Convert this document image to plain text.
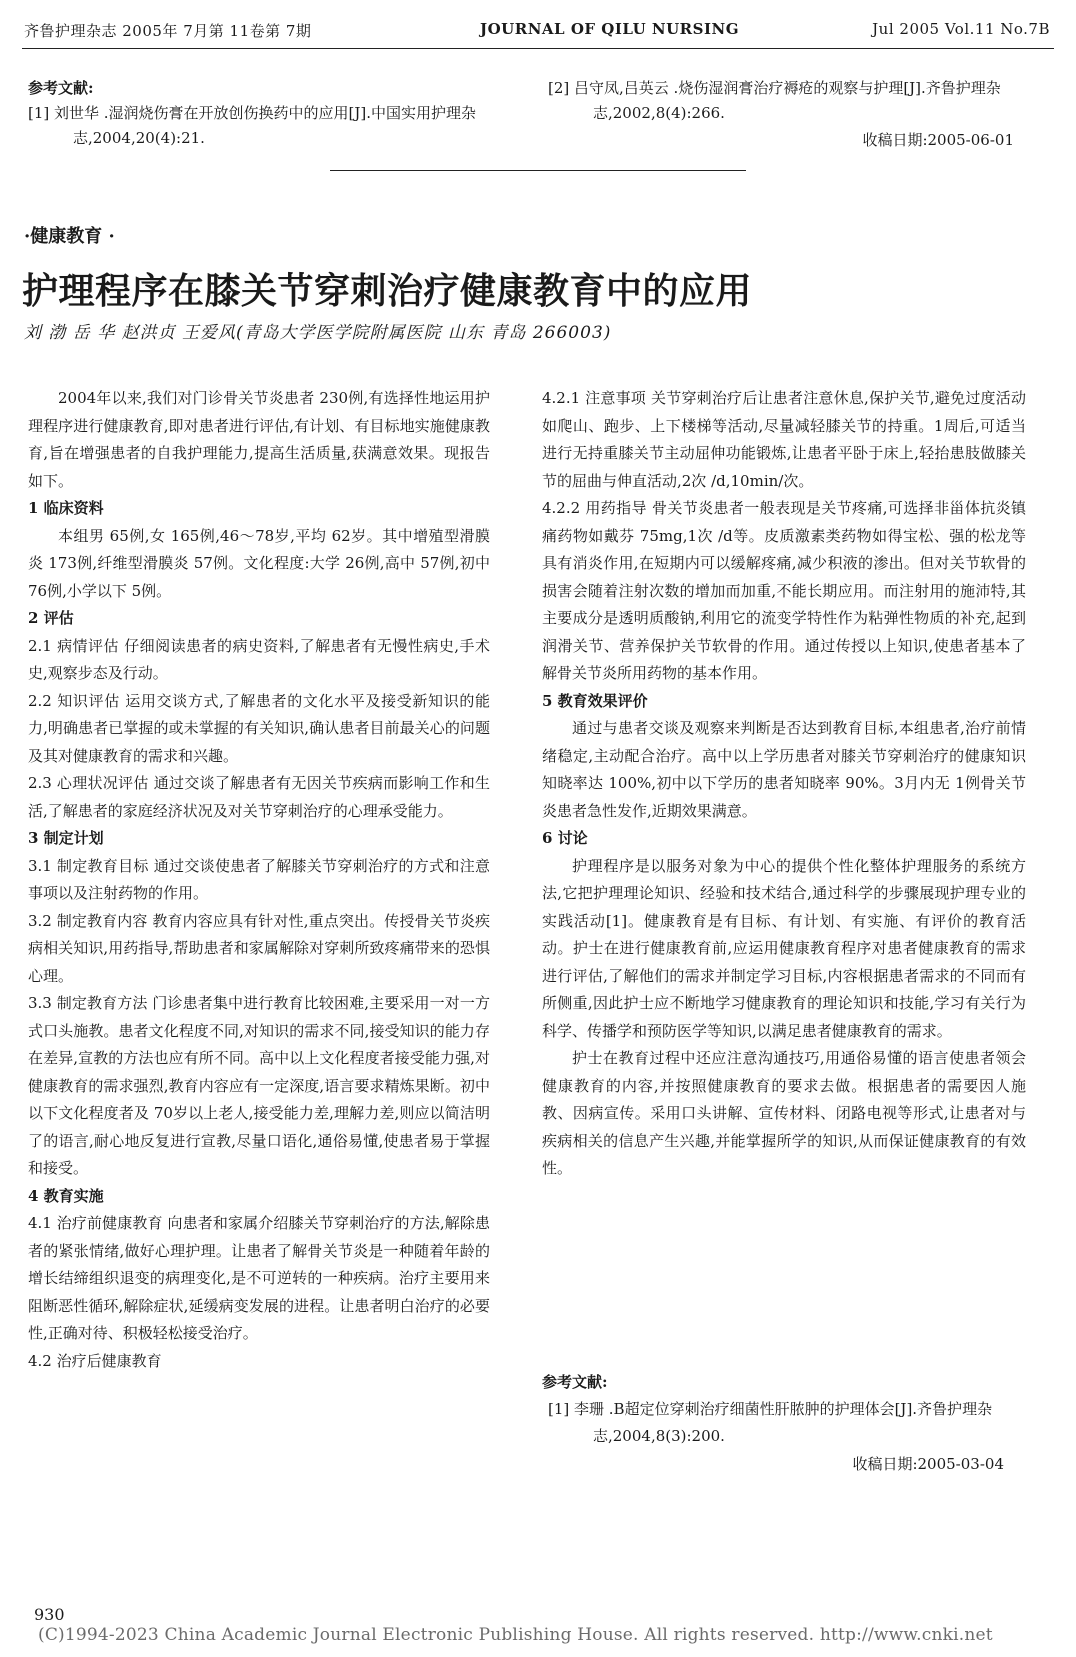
齐鲁护理杂志 2005年 7月第 11卷第 7期	JOURNAL OF QILU NURSING	Jul 2005 Vol.11 No.7B
参考文献:

[1] 刘世华 .湿润烧伤膏在开放创伤换药中的应用[J].中国实用护理杂志,2004,20(4):21.

[2] 吕守凤,吕英云 .烧伤湿润膏治疗褥疮的观察与护理[J].齐鲁护理杂志,2002,8(4):266.

收稿日期:2005-06-01
·健康教育 ·
护理程序在膝关节穿刺治疗健康教育中的应用
刘 渤 岳 华 赵洪贞 王爱风(青岛大学医学院附属医院 山东 青岛 266003)

2004年以来,我们对门诊骨关节炎患者 230例,有选择性地运用护理程序进行健康教育,即对患者进行评估,有计划、有目标地实施健康教育,旨在增强患者的自我护理能力,提高生活质量,获满意效果。现报告如下。

1 临床资料

本组男 65例,女 165例,46～78岁,平均 62岁。其中增殖型滑膜炎 173例,纤维型滑膜炎 57例。文化程度:大学 26例,高中 57例,初中 76例,小学以下 5例。

2 评估

2.1 病情评估 仔细阅读患者的病史资料,了解患者有无慢性病史,手术史,观察步态及行动。

2.2 知识评估 运用交谈方式,了解患者的文化水平及接受新知识的能力,明确患者已掌握的或未掌握的有关知识,确认患者目前最关心的问题及其对健康教育的需求和兴趣。

2.3 心理状况评估 通过交谈了解患者有无因关节疾病而影响工作和生活,了解患者的家庭经济状况及对关节穿刺治疗的心理承受能力。

3 制定计划

3.1 制定教育目标 通过交谈使患者了解膝关节穿刺治疗的方式和注意事项以及注射药物的作用。

3.2 制定教育内容 教育内容应具有针对性,重点突出。传授骨关节炎疾病相关知识,用药指导,帮助患者和家属解除对穿刺所致疼痛带来的恐惧心理。

3.3 制定教育方法 门诊患者集中进行教育比较困难,主要采用一对一方式口头施教。患者文化程度不同,对知识的需求不同,接受知识的能力存在差异,宣教的方法也应有所不同。高中以上文化程度者接受能力强,对健康教育的需求强烈,教育内容应有一定深度,语言要求精炼果断。初中以下文化程度者及 70岁以上老人,接受能力差,理解力差,则应以简洁明了的语言,耐心地反复进行宣教,尽量口语化,通俗易懂,使患者易于掌握和接受。

4 教育实施

4.1 治疗前健康教育 向患者和家属介绍膝关节穿刺治疗的方法,解除患者的紧张情绪,做好心理护理。让患者了解骨关节炎是一种随着年龄的增长结缔组织退变的病理变化,是不可逆转的一种疾病。治疗主要用来阻断恶性循环,解除症状,延缓病变发展的进程。让患者明白治疗的必要性,正确对待、积极轻松接受治疗。

4.2 治疗后健康教育

4.2.1 注意事项 关节穿刺治疗后让患者注意休息,保护关节,避免过度活动如爬山、跑步、上下楼梯等活动,尽量减轻膝关节的持重。1周后,可适当进行无持重膝关节主动屈伸功能锻炼,让患者平卧于床上,轻抬患肢做膝关节的屈曲与伸直活动,2次 /d,10min/次。

4.2.2 用药指导 骨关节炎患者一般表现是关节疼痛,可选择非甾体抗炎镇痛药物如戴芬 75mg,1次 /d等。皮质激素类药物如得宝松、强的松龙等具有消炎作用,在短期内可以缓解疼痛,减少积液的渗出。但对关节软骨的损害会随着注射次数的增加而加重,不能长期应用。而注射用的施沛特,其主要成分是透明质酸钠,利用它的流变学特性作为粘弹性物质的补充,起到润滑关节、营养保护关节软骨的作用。通过传授以上知识,使患者基本了解骨关节炎所用药物的基本作用。

5 教育效果评价

通过与患者交谈及观察来判断是否达到教育目标,本组患者,治疗前情绪稳定,主动配合治疗。高中以上学历患者对膝关节穿刺治疗的健康知识知晓率达 100%,初中以下学历的患者知晓率 90%。3月内无 1例骨关节炎患者急性发作,近期效果满意。

6 讨论

护理程序是以服务对象为中心的提供个性化整体护理服务的系统方法,它把护理理论知识、经验和技术结合,通过科学的步骤展现护理专业的实践活动[1]。健康教育是有目标、有计划、有实施、有评价的教育活动。护士在进行健康教育前,应运用健康教育程序对患者健康教育的需求进行评估,了解他们的需求并制定学习目标,内容根据患者需求的不同而有所侧重,因此护士应不断地学习健康教育的理论知识和技能,学习有关行为科学、传播学和预防医学等知识,以满足患者健康教育的需求。

护士在教育过程中还应注意沟通技巧,用通俗易懂的语言使患者领会健康教育的内容,并按照健康教育的要求去做。根据患者的需要因人施教、因病宣传。采用口头讲解、宣传材料、闭路电视等形式,让患者对与疾病相关的信息产生兴趣,并能掌握所学的知识,从而保证健康教育的有效性。

参考文献:

[1] 李珊 .B超定位穿刺治疗细菌性肝脓肿的护理体会[J].齐鲁护理杂志,2004,8(3):200.

收稿日期:2005-03-04
930
(C)1994-2023 China Academic Journal Electronic Publishing House. All rights reserved. http://www.cnki.net
